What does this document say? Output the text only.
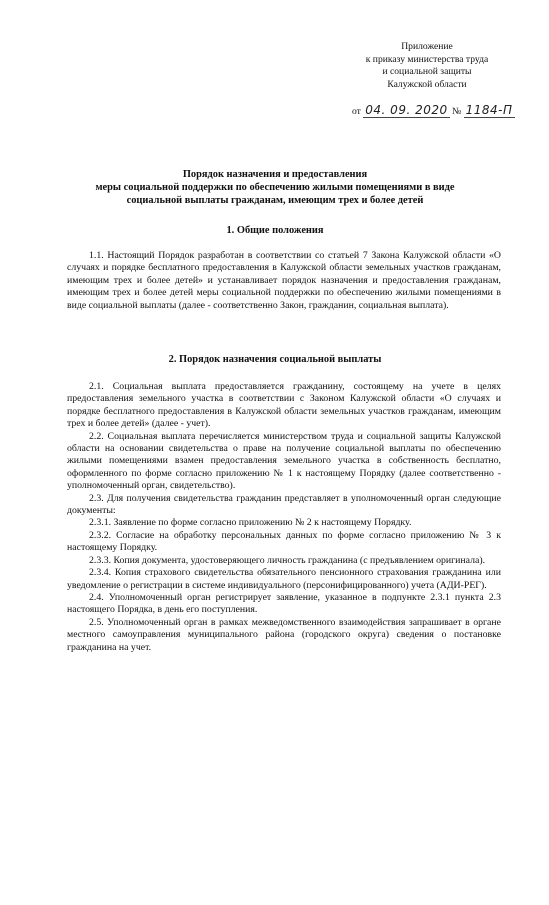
Приложение
к приказу министерства труда
и социальной защиты
Калужской области
от 04. 09. 2020 № 1184-П
Порядок назначения и предоставления
меры социальной поддержки по обеспечению жилыми помещениями в виде
социальной выплаты гражданам, имеющим трех и более детей
1. Общие положения

1.1. Настоящий Порядок разработан в соответствии со статьей 7 Закона Калужской области «О случаях и порядке бесплатного предоставления в Калужской области земельных участков гражданам, имеющим трех и более детей» и устанавливает порядок назначения и предоставления гражданам, имеющим трех и более детей меры социальной поддержки по обеспечению жилыми помещениями в виде социальной выплаты (далее - соответственно Закон, гражданин, социальная выплата).

2. Порядок назначения социальной выплаты

2.1. Социальная выплата предоставляется гражданину, состоящему на учете в целях предоставления земельного участка в соответствии с Законом Калужской области «О случаях и порядке бесплатного предоставления в Калужской области земельных участков гражданам, имеющим трех и более детей» (далее - учет).

2.2. Социальная выплата перечисляется министерством труда и социальной защиты Калужской области на основании свидетельства о праве на получение социальной выплаты по обеспечению жилыми помещениями взамен предоставления земельного участка в собственность бесплатно, оформленного по форме согласно приложению № 1 к настоящему Порядку (далее соответственно - уполномоченный орган, свидетельство).

2.3. Для получения свидетельства гражданин представляет в уполномоченный орган следующие документы:

2.3.1. Заявление по форме согласно приложению № 2 к настоящему Порядку.

2.3.2. Согласие на обработку персональных данных по форме согласно приложению № 3 к настоящему Порядку.

2.3.3. Копия документа, удостоверяющего личность гражданина (с предъявлением оригинала).

2.3.4. Копия страхового свидетельства обязательного пенсионного страхования гражданина или уведомление о регистрации в системе индивидуального (персонифицированного) учета (АДИ-РЕГ).

2.4. Уполномоченный орган регистрирует заявление, указанное в подпункте 2.3.1 пункта 2.3 настоящего Порядка, в день его поступления.

2.5. Уполномоченный орган в рамках межведомственного взаимодействия запрашивает в органе местного самоуправления муниципального района (городского округа) сведения о постановке гражданина на учет.
